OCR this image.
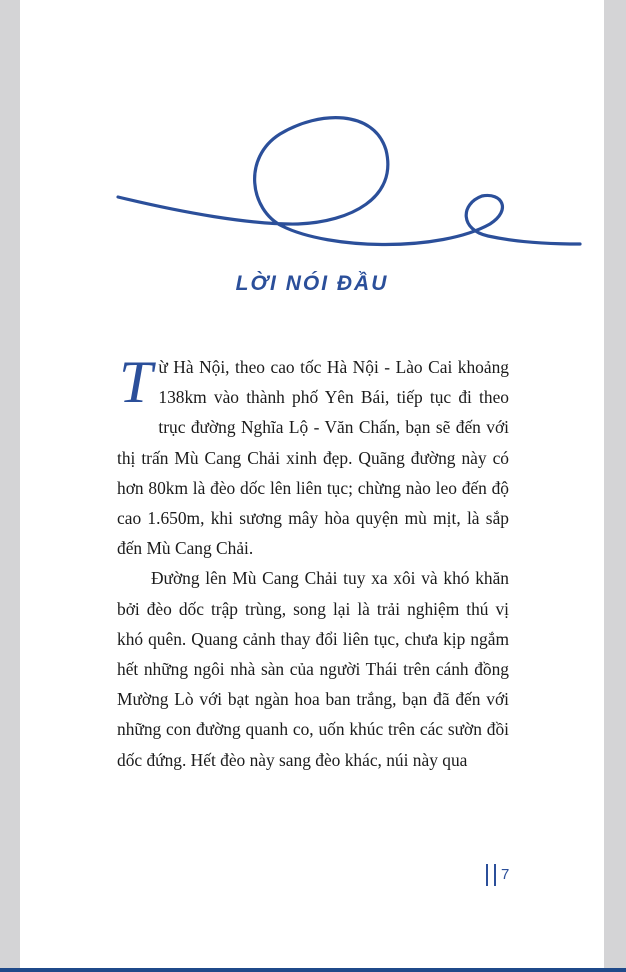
LỜI NÓI ĐẦU

Từ Hà Nội, theo cao tốc Hà Nội - Lào Cai khoảng 138km vào thành phố Yên Bái, tiếp tục đi theo trục đường Nghĩa Lộ - Văn Chấn, bạn sẽ đến với thị trấn Mù Cang Chải xinh đẹp. Quãng đường này có hơn 80km là đèo dốc lên liên tục; chừng nào leo đến độ cao 1.650m, khi sương mây hòa quyện mù mịt, là sắp đến Mù Cang Chải.

Đường lên Mù Cang Chải tuy xa xôi và khó khăn bởi đèo dốc trập trùng, song lại là trải nghiệm thú vị khó quên. Quang cảnh thay đổi liên tục, chưa kịp ngắm hết những ngôi nhà sàn của người Thái trên cánh đồng Mường Lò với bạt ngàn hoa ban trắng, bạn đã đến với những con đường quanh co, uốn khúc trên các sườn đồi dốc đứng. Hết đèo này sang đèo khác, núi này qua

7
